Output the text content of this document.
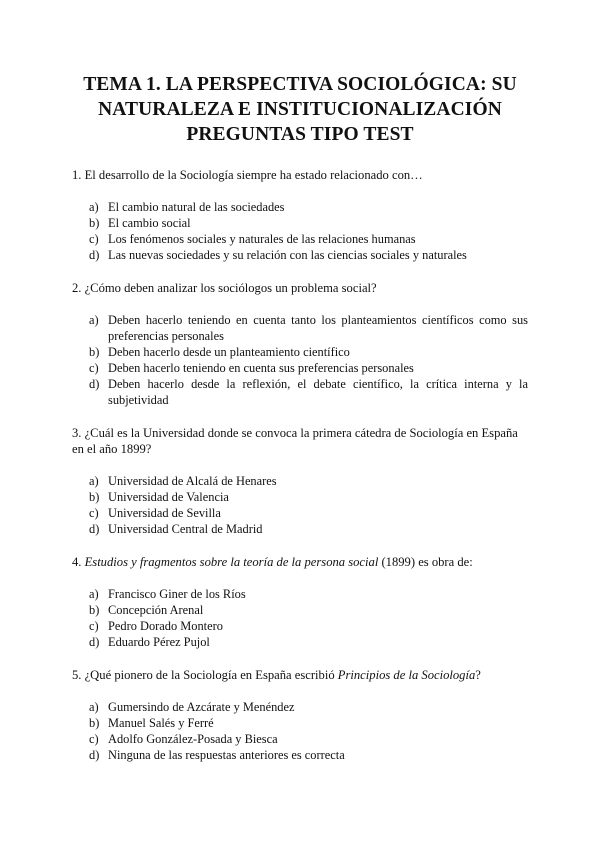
TEMA 1. LA PERSPECTIVA SOCIOLÓGICA: SU
NATURALEZA E INSTITUCIONALIZACIÓN
PREGUNTAS TIPO TEST

1. El desarrollo de la Sociología siempre ha estado relacionado con…

a) El cambio natural de las sociedades
b) El cambio social
c) Los fenómenos sociales y naturales de las relaciones humanas
d) Las nuevas sociedades y su relación con las ciencias sociales y naturales

2. ¿Cómo deben analizar los sociólogos un problema social?

a) Deben hacerlo teniendo en cuenta tanto los planteamientos científicos como sus preferencias personales
b) Deben hacerlo desde un planteamiento científico
c) Deben hacerlo teniendo en cuenta sus preferencias personales
d) Deben hacerlo desde la reflexión, el debate científico, la crítica interna y la subjetividad

3. ¿Cuál es la Universidad donde se convoca la primera cátedra de Sociología en España en el año 1899?

a) Universidad de Alcalá de Henares
b) Universidad de Valencia
c) Universidad de Sevilla
d) Universidad Central de Madrid

4. Estudios y fragmentos sobre la teoría de la persona social (1899) es obra de:

a) Francisco Giner de los Ríos
b) Concepción Arenal
c) Pedro Dorado Montero
d) Eduardo Pérez Pujol

5. ¿Qué pionero de la Sociología en España escribió Principios de la Sociología?

a) Gumersindo de Azcárate y Menéndez
b) Manuel Salés y Ferré
c) Adolfo González-Posada y Biesca
d) Ninguna de las respuestas anteriores es correcta
